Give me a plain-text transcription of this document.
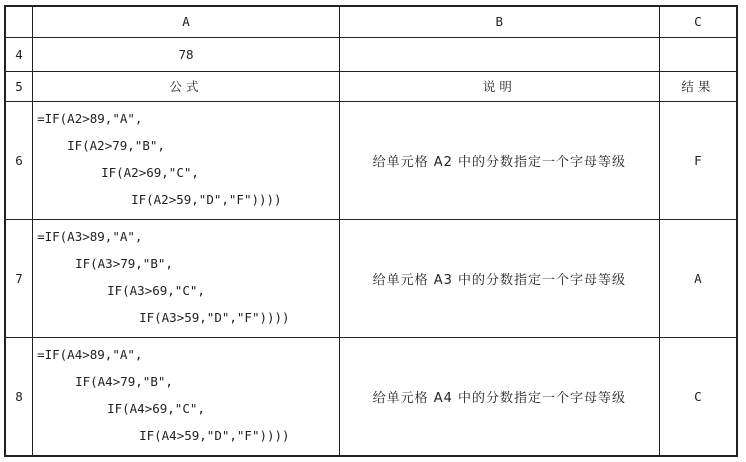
	A	B	C
4	78		
5	公式	说明	结果
6	=IF(A2>89,"A",
IF(A2>79,"B",
IF(A2>69,"C",
IF(A2>59,"D","F"))))	给单元格 A2 中的分数指定一个字母等级	F
7	=IF(A3>89,"A",
IF(A3>79,"B",
IF(A3>69,"C",
IF(A3>59,"D","F"))))	给单元格 A3 中的分数指定一个字母等级	A
8	=IF(A4>89,"A",
IF(A4>79,"B",
IF(A4>69,"C",
IF(A4>59,"D","F"))))	给单元格 A4 中的分数指定一个字母等级	C
